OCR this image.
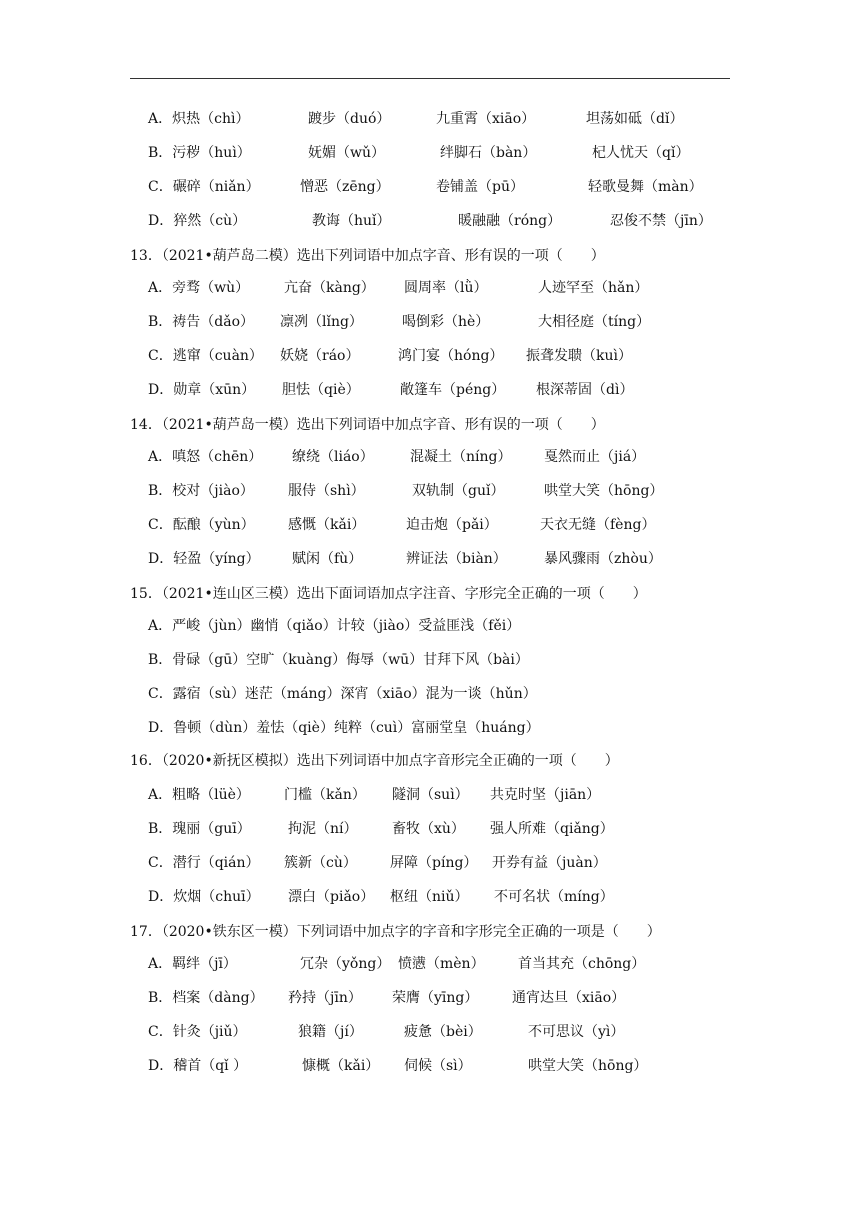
A．炽热（chì）	踱步（duó）	九重霄（xiāo）	坦荡如砥（dǐ）
B．污秽（huì）	妩媚（wǔ）	绊脚石（bàn）	杞人忧天（qǐ）
C．碾碎（niǎn）	憎恶（zēng）	卷铺盖（pū）	轻歌曼舞（màn）
D．猝然（cù）	教诲（huǐ）	暖融融（róng）	忍俊不禁（jīn）
13．（2021•葫芦岛二模）选出下列词语中加点字音、形有误的一项（　　）
A．旁骛（wù） 亢奋（kàng） 圆周率（lǜ）	人迹罕至（hǎn）
B．祷告（dǎo） 凛冽（lǐng）	喝倒彩（hè）	大相径庭（tíng）
C．逃窜（cuàn） 妖娆（ráo）	鸿门宴（hóng） 振聋发聩（kuì）
D．勋章（xūn） 胆怯（qiè）	敞篷车（péng） 根深蒂固（dì）
14．（2021•葫芦岛一模）选出下列词语中加点字音、形有误的一项（　　）
A．嗔怒（chēn） 缭绕（liáo）	混凝土（níng） 戛然而止（jiá）
B．校对（jiào） 服侍（shì）	双轨制（guǐ）	哄堂大笑（hōng）
C．酝酿（yùn） 感慨（kǎi）	迫击炮（pǎi）	天衣无缝（fèng）
D．轻盈（yíng） 赋闲（fù）	辨证法（biàn）	暴风骤雨（zhòu）
15．（2021•连山区三模）选出下面词语加点字注音、字形完全正确的一项（　　）
A．严峻（jùn）幽悄（qiǎo）计较（jiào）受益匪浅（fěi）
B．骨碌（gū）空旷（kuàng）侮辱（wū）甘拜下风（bài）
C．露宿（sù）迷茫（máng）深宵（xiāo）混为一谈（hǔn）
D．鲁顿（dùn）羞怯（qiè）纯粹（cuì）富丽堂皇（huáng）
16．（2020•新抚区模拟）选出下列词语中加点字音形完全正确的一项（　　）
A．粗略（lüè） 门槛（kǎn） 隧洞（suì） 共克时坚（jiān）
B．瑰丽（guī）	拘泥（ní） 畜牧（xù） 强人所难（qiǎng）
C．潜行（qián） 簇新（cù） 屏障（píng） 开券有益（juàn）
D．炊烟（chuī） 漂白（piǎo） 枢纽（niǔ） 不可名状（míng）
17．（2020•铁东区一模）下列词语中加点字的字音和字形完全正确的一项是（　　）
A．羁绊（jī）	冗杂（yǒng） 愤懑（mèn） 首当其充（chōng）
B．档案（dàng） 矜持（jīn） 荣膺（yīng） 通宵达旦（xiāo）
C．针灸（jiǔ）	狼籍（jí）	疲惫（bèi）	不可思议（yì）
D．稽首（qǐ ）	慷概（kǎi） 伺候（sì）	哄堂大笑（hōng）
